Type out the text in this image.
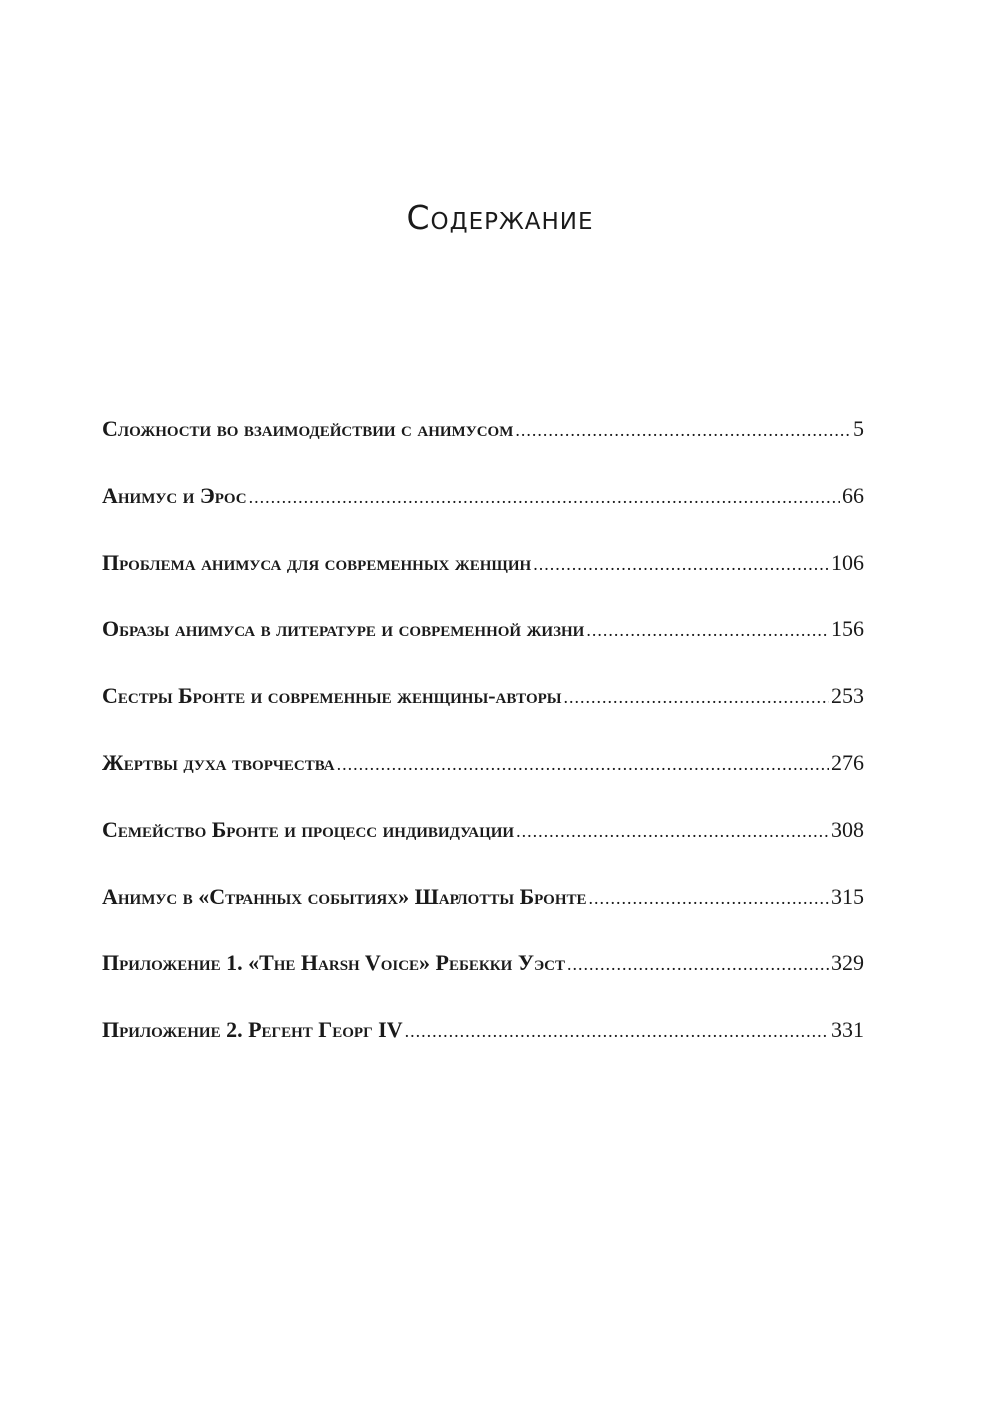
Содержание
Сложности во взаимодействии с анимусом .....	5
Анимус и Эрос .....	66
Проблема анимуса для современных женщин .....	106
Образы анимуса в литературе и современной жизни .....	156
Сестры Бронте и современные женщины-авторы .....	253
Жертвы духа творчества .....	276
Семейство Бронте и процесс индивидуации .....	308
Анимус в «Странных событиях» Шарлотты Бронте .....	315
Приложение 1. «The Harsh Voice» Ребекки Уэст .....	329
Приложение 2. Регент Георг IV .....	331
